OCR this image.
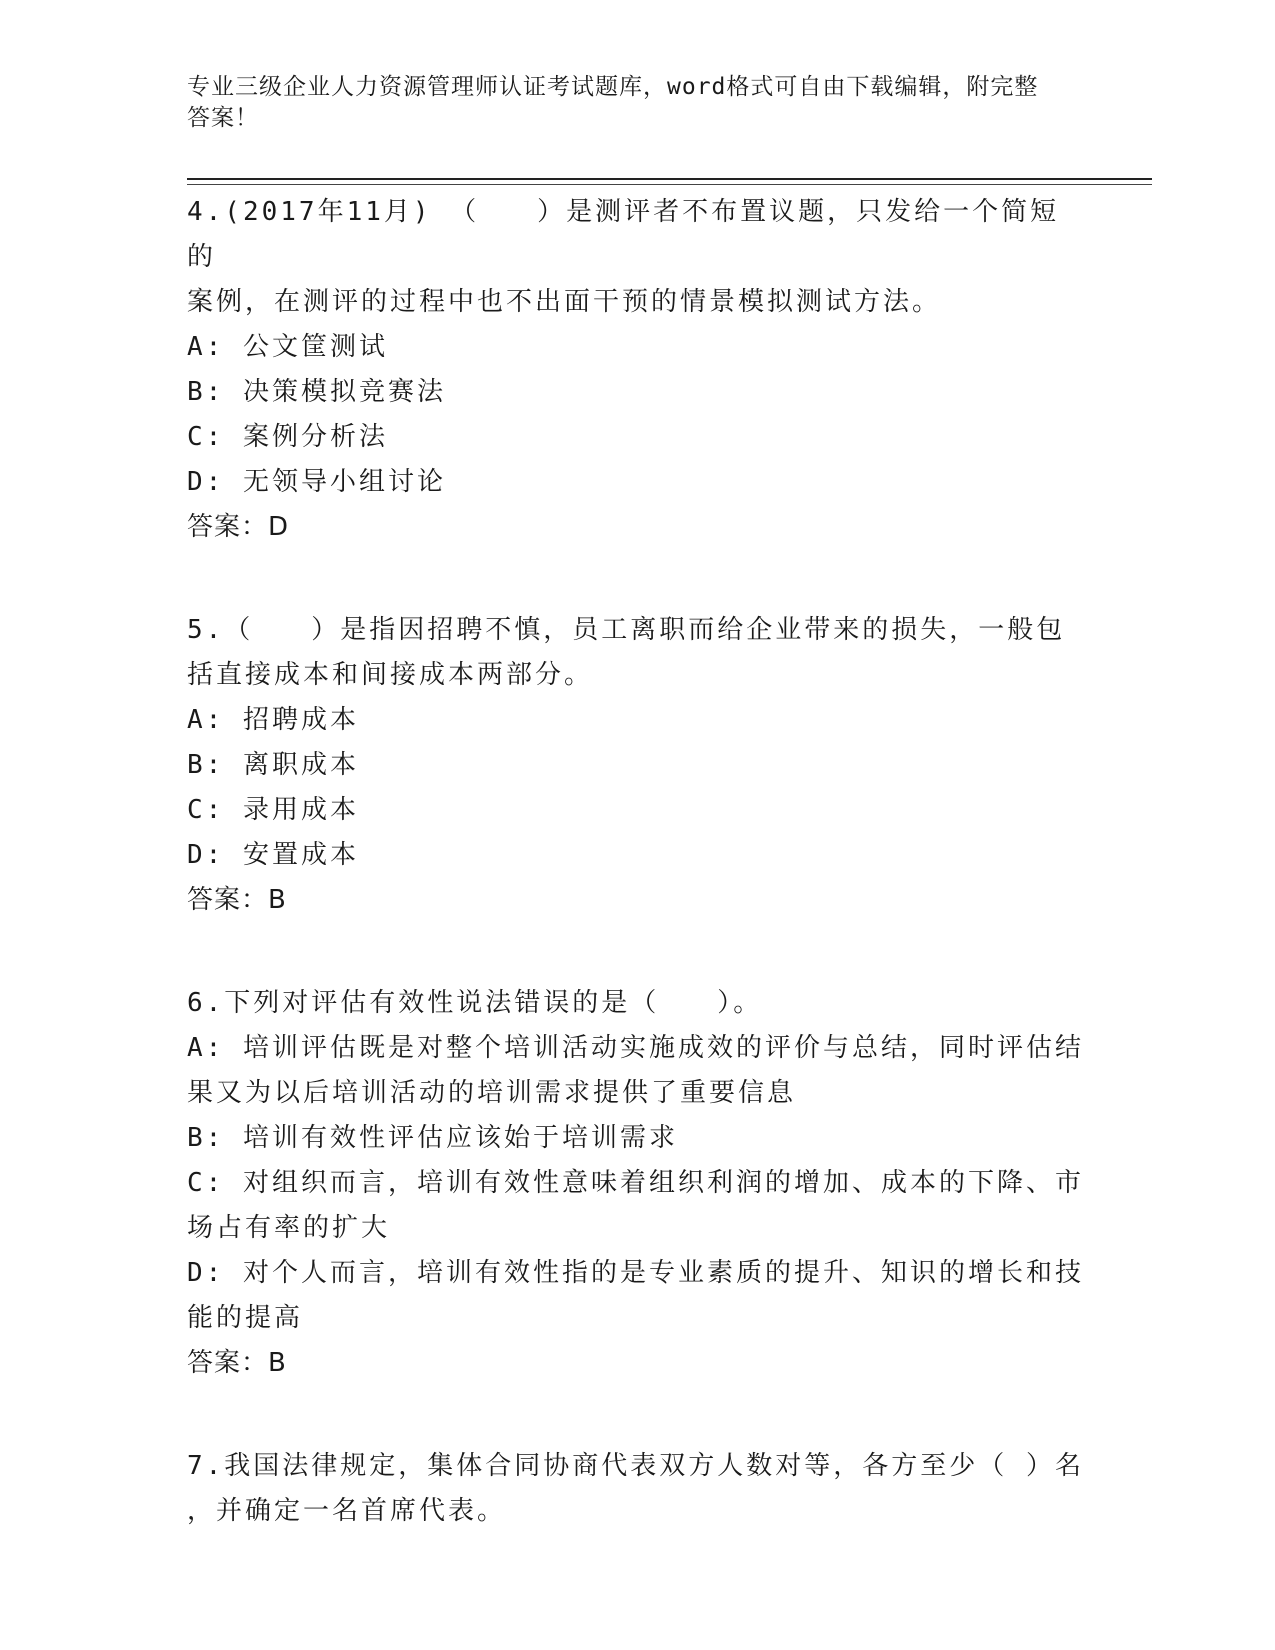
专业三级企业人力资源管理师认证考试题库，word格式可自由下载编辑，附完整
答案！
4.(2017年11月) （　　）是测评者不布置议题，只发给一个简短的
案例，在测评的过程中也不出面干预的情景模拟测试方法。
A: 公文筐测试
B: 决策模拟竞赛法
C: 案例分析法
D: 无领导小组讨论
答案：D
5.（　　）是指因招聘不慎，员工离职而给企业带来的损失，一般包
括直接成本和间接成本两部分。
A: 招聘成本
B: 离职成本
C: 录用成本
D: 安置成本
答案：B
6.下列对评估有效性说法错误的是（　　）。
A: 培训评估既是对整个培训活动实施成效的评价与总结，同时评估结
果又为以后培训活动的培训需求提供了重要信息
B: 培训有效性评估应该始于培训需求
C: 对组织而言，培训有效性意味着组织利润的增加、成本的下降、市
场占有率的扩大
D: 对个人而言，培训有效性指的是专业素质的提升、知识的增长和技
能的提高
答案：B
7.我国法律规定，集体合同协商代表双方人数对等，各方至少（ ）名
，并确定一名首席代表。
